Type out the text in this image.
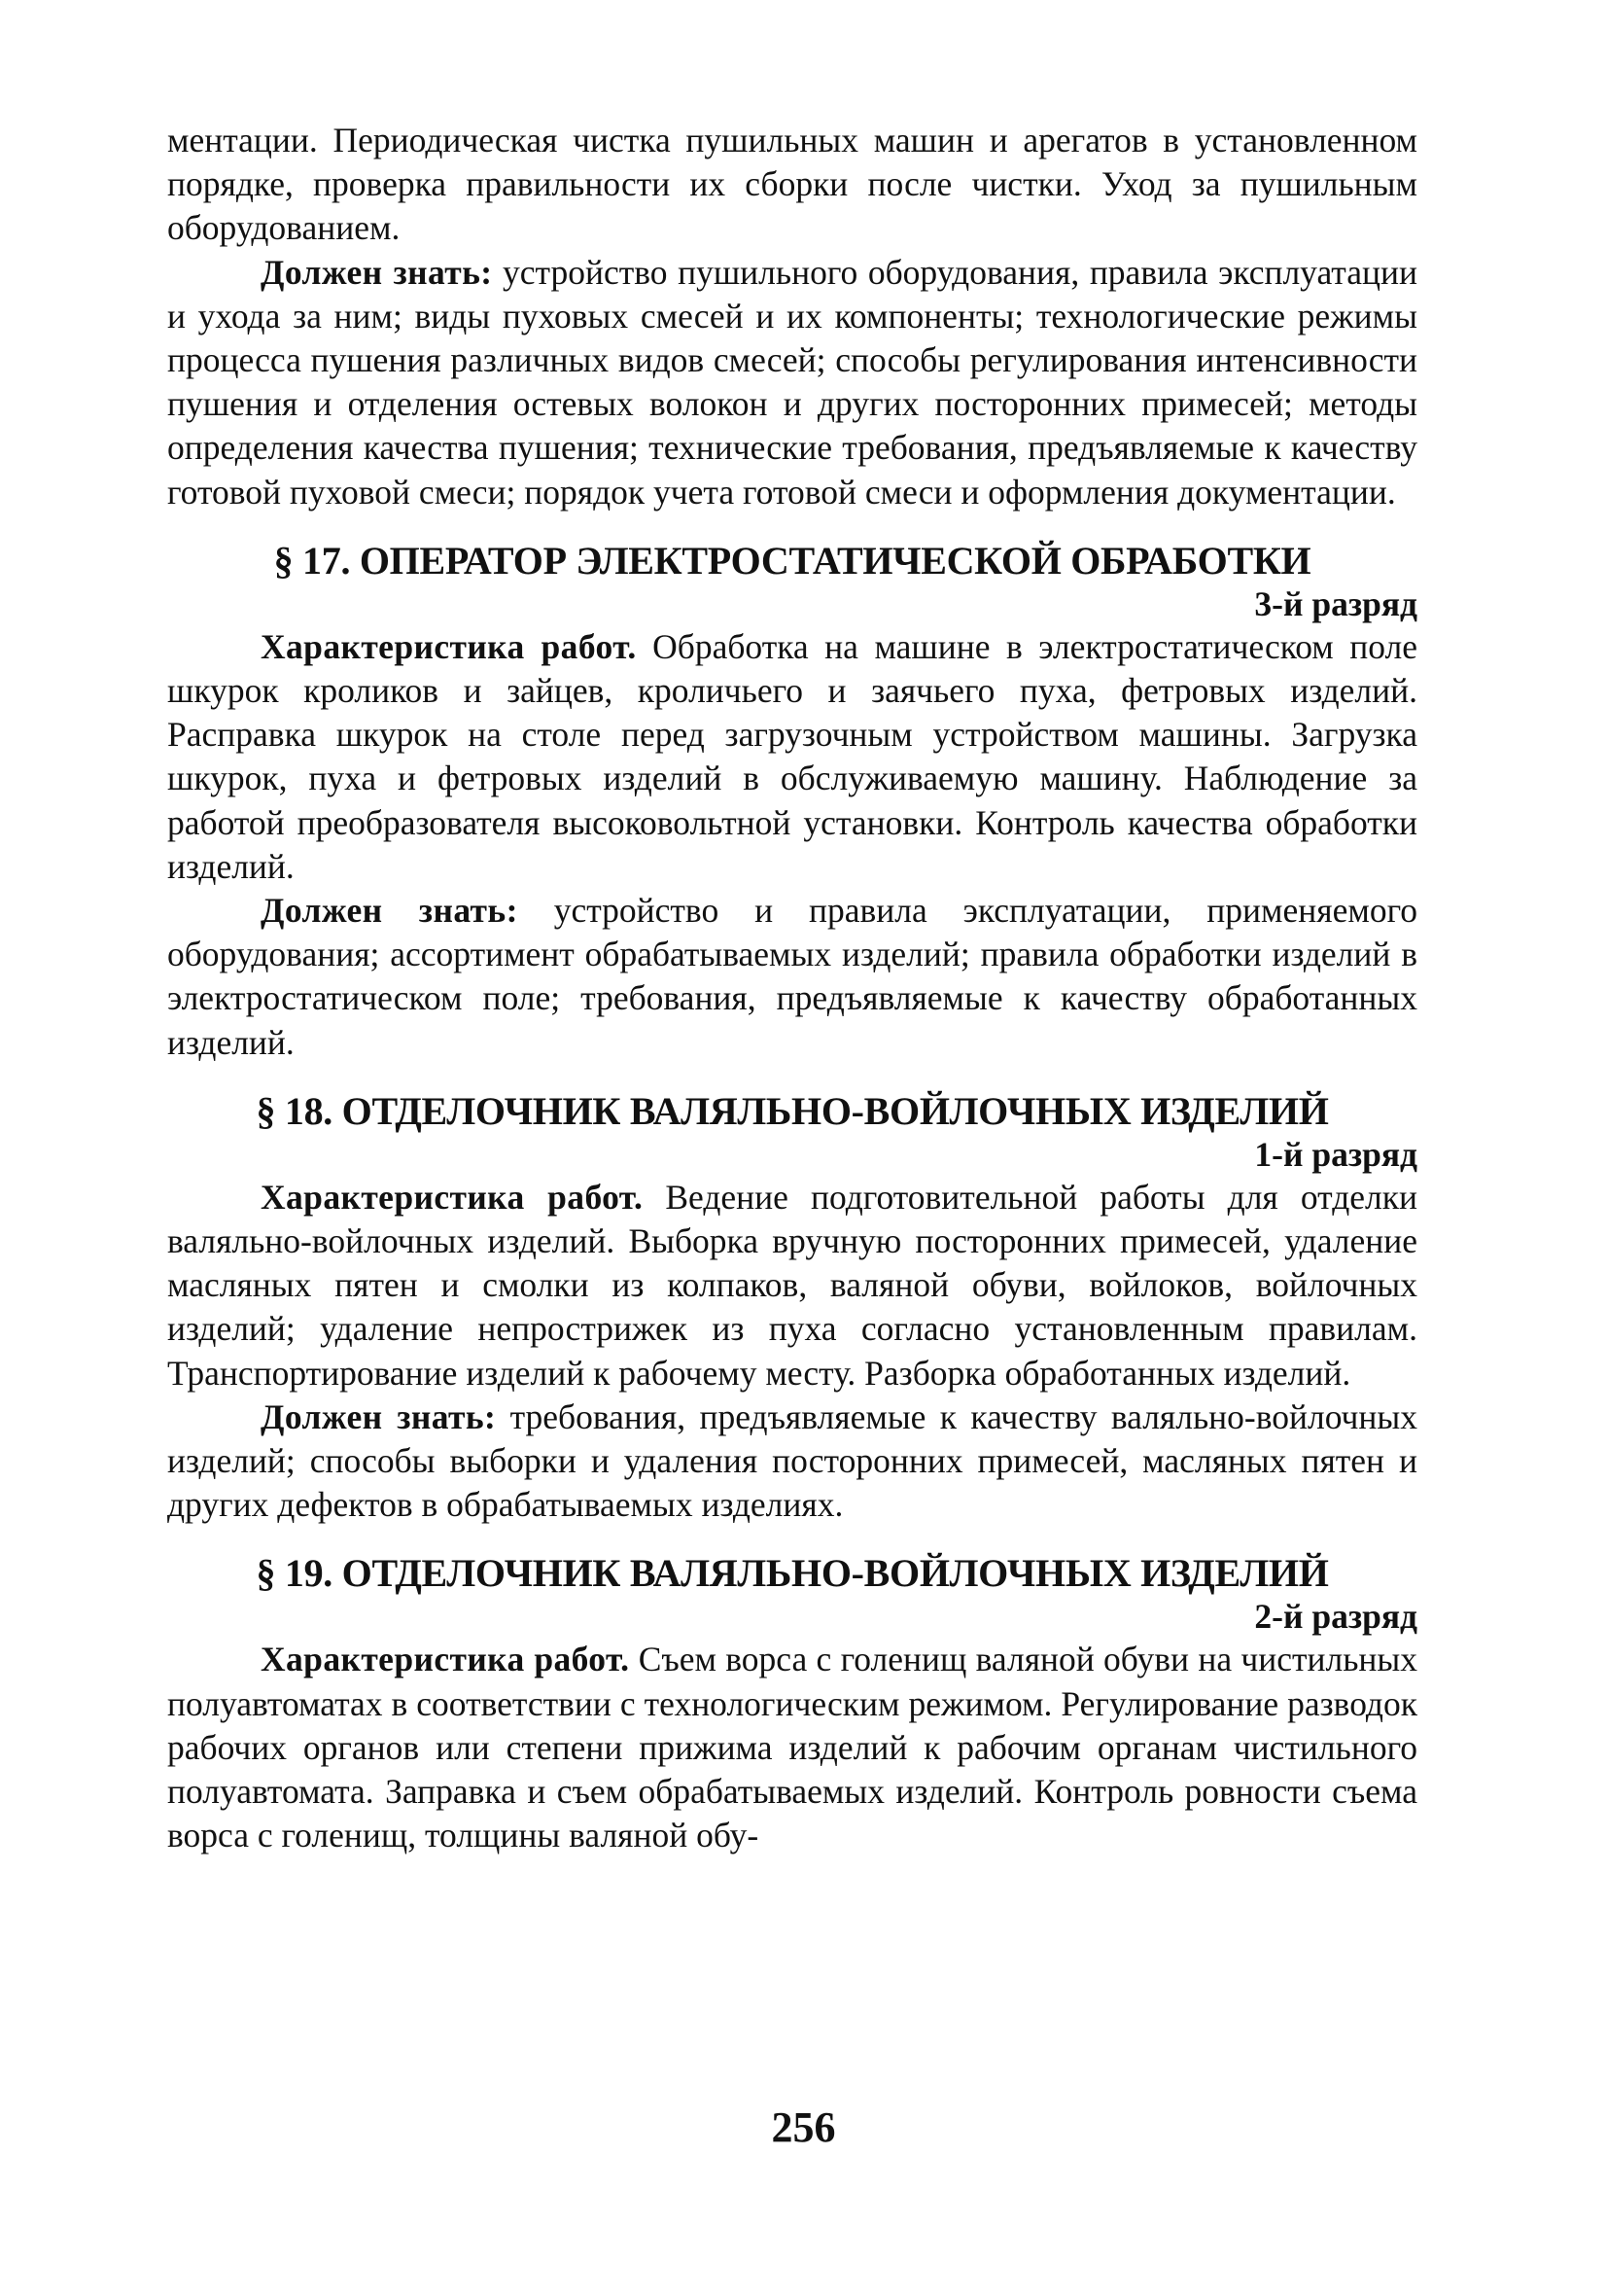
ментации. Периодическая чистка пушильных машин и арегатов в установленном порядке, проверка правильности их сборки после чистки. Уход за пушильным оборудованием.

Должен знать: устройство пушильного оборудования, правила эксплуатации и ухода за ним; виды пуховых смесей и их компоненты; технологические режимы процесса пушения различных видов смесей; способы регулирования интенсивности пушения и отделения остевых волокон и других посторонних примесей; методы определения качества пушения; технические требования, предъявляемые к качеству готовой пуховой смеси; порядок учета готовой смеси и оформления документации.

§ 17. ОПЕРАТОР ЭЛЕКТРОСТАТИЧЕСКОЙ ОБРАБОТКИ
3-й разряд

Характеристика работ. Обработка на машине в электростатическом поле шкурок кроликов и зайцев, кроличьего и заячьего пуха, фетровых изделий. Расправка шкурок на столе перед загрузочным устройством машины. Загрузка шкурок, пуха и фетровых изделий в обслуживаемую машину. Наблюдение за работой преобразователя высоковольтной установки. Контроль качества обработки изделий.

Должен знать: устройство и правила эксплуатации, применяемого оборудования; ассортимент обрабатываемых изделий; правила обработки изделий в электростатическом поле; требования, предъявляемые к качеству обработанных изделий.

§ 18. ОТДЕЛОЧНИК ВАЛЯЛЬНО-ВОЙЛОЧНЫХ ИЗДЕЛИЙ
1-й разряд

Характеристика работ. Ведение подготовительной работы для отделки валяльно-войлочных изделий. Выборка вручную посторонних примесей, удаление масляных пятен и смолки из колпаков, валяной обуви, войлоков, войлочных изделий; удаление непрострижек из пуха согласно установленным правилам. Транспортирование изделий к рабочему месту. Разборка обработанных изделий.

Должен знать: требования, предъявляемые к качеству валяльно-войлочных изделий; способы выборки и удаления посторонних примесей, масляных пятен и других дефектов в обрабатываемых изделиях.

§ 19. ОТДЕЛОЧНИК ВАЛЯЛЬНО-ВОЙЛОЧНЫХ ИЗДЕЛИЙ
2-й разряд

Характеристика работ. Съем ворса с голенищ валяной обуви на чистильных полуавтоматах в соответствии с технологическим режимом. Регулирование разводок рабочих органов или степени прижима изделий к рабочим органам чистильного полуавтомата. Заправка и съем обрабатываемых изделий. Контроль ровности съема ворса с голенищ, толщины валяной обу-

256
